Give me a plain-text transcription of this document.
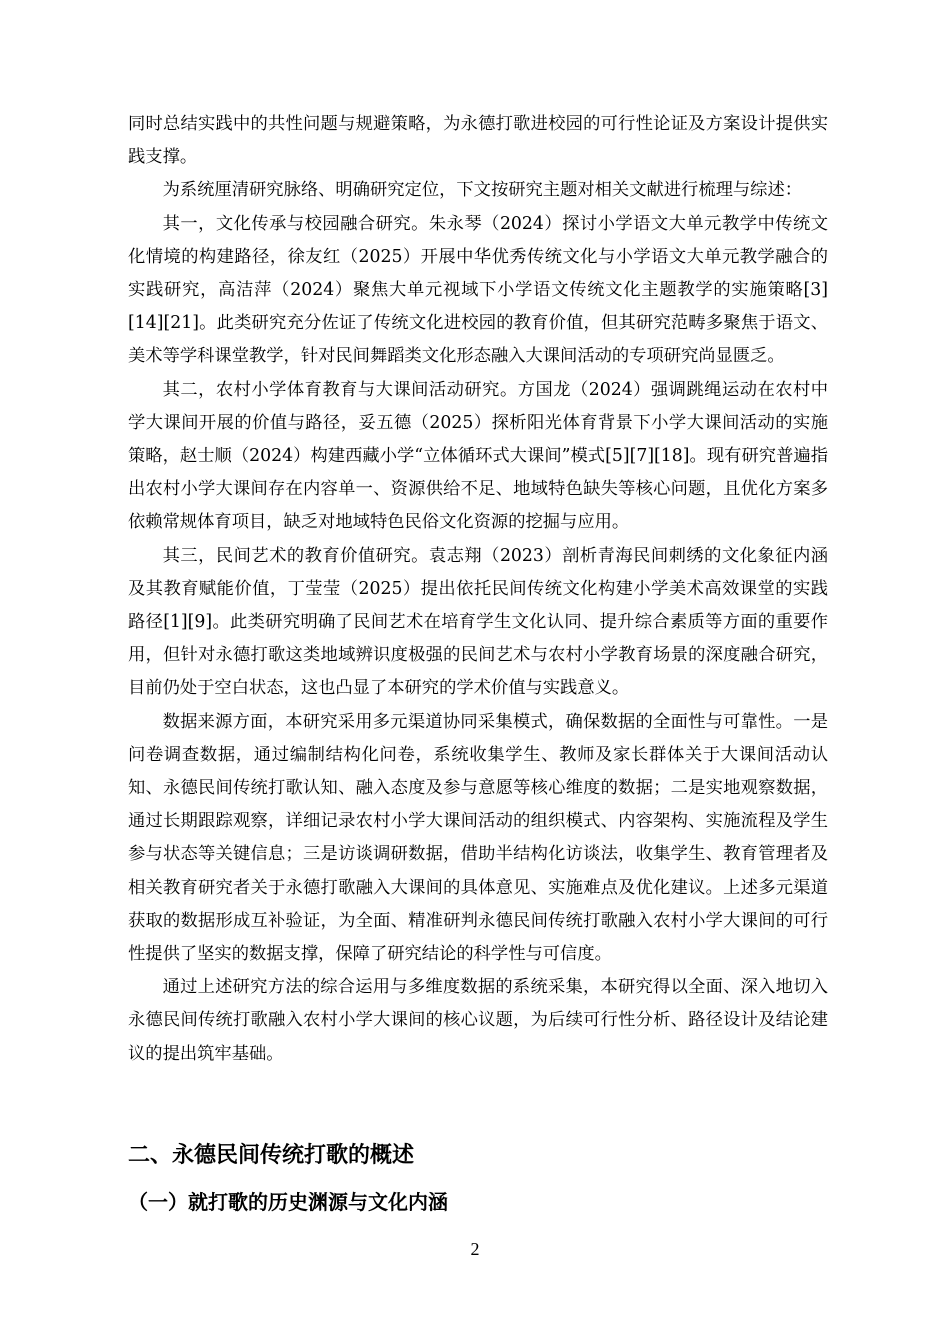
同时总结实践中的共性问题与规避策略，为永德打歌进校园的可行性论证及方案设计提供实践支撑。

为系统厘清研究脉络、明确研究定位，下文按研究主题对相关文献进行梳理与综述：

其一，文化传承与校园融合研究。朱永琴（2024）探讨小学语文大单元教学中传统文化情境的构建路径，徐友红（2025）开展中华优秀传统文化与小学语文大单元教学融合的实践研究，高洁萍（2024）聚焦大单元视域下小学语文传统文化主题教学的实施策略[3][14][21]。此类研究充分佐证了传统文化进校园的教育价值，但其研究范畴多聚焦于语文、美术等学科课堂教学，针对民间舞蹈类文化形态融入大课间活动的专项研究尚显匮乏。

其二，农村小学体育教育与大课间活动研究。方国龙（2024）强调跳绳运动在农村中学大课间开展的价值与路径，妥五德（2025）探析阳光体育背景下小学大课间活动的实施策略，赵士顺（2024）构建西藏小学“立体循环式大课间”模式[5][7][18]。现有研究普遍指出农村小学大课间存在内容单一、资源供给不足、地域特色缺失等核心问题，且优化方案多依赖常规体育项目，缺乏对地域特色民俗文化资源的挖掘与应用。

其三，民间艺术的教育价值研究。袁志翔（2023）剖析青海民间刺绣的文化象征内涵及其教育赋能价值，丁莹莹（2025）提出依托民间传统文化构建小学美术高效课堂的实践路径[1][9]。此类研究明确了民间艺术在培育学生文化认同、提升综合素质等方面的重要作用，但针对永德打歌这类地域辨识度极强的民间艺术与农村小学教育场景的深度融合研究，目前仍处于空白状态，这也凸显了本研究的学术价值与实践意义。

数据来源方面，本研究采用多元渠道协同采集模式，确保数据的全面性与可靠性。一是问卷调查数据，通过编制结构化问卷，系统收集学生、教师及家长群体关于大课间活动认知、永德民间传统打歌认知、融入态度及参与意愿等核心维度的数据；二是实地观察数据，通过长期跟踪观察，详细记录农村小学大课间活动的组织模式、内容架构、实施流程及学生参与状态等关键信息；三是访谈调研数据，借助半结构化访谈法，收集学生、教育管理者及相关教育研究者关于永德打歌融入大课间的具体意见、实施难点及优化建议。上述多元渠道获取的数据形成互补验证，为全面、精准研判永德民间传统打歌融入农村小学大课间的可行性提供了坚实的数据支撑，保障了研究结论的科学性与可信度。

通过上述研究方法的综合运用与多维度数据的系统采集，本研究得以全面、深入地切入永德民间传统打歌融入农村小学大课间的核心议题，为后续可行性分析、路径设计及结论建议的提出筑牢基础。

二、永德民间传统打歌的概述
（一）就打歌的历史渊源与文化内涵
2
